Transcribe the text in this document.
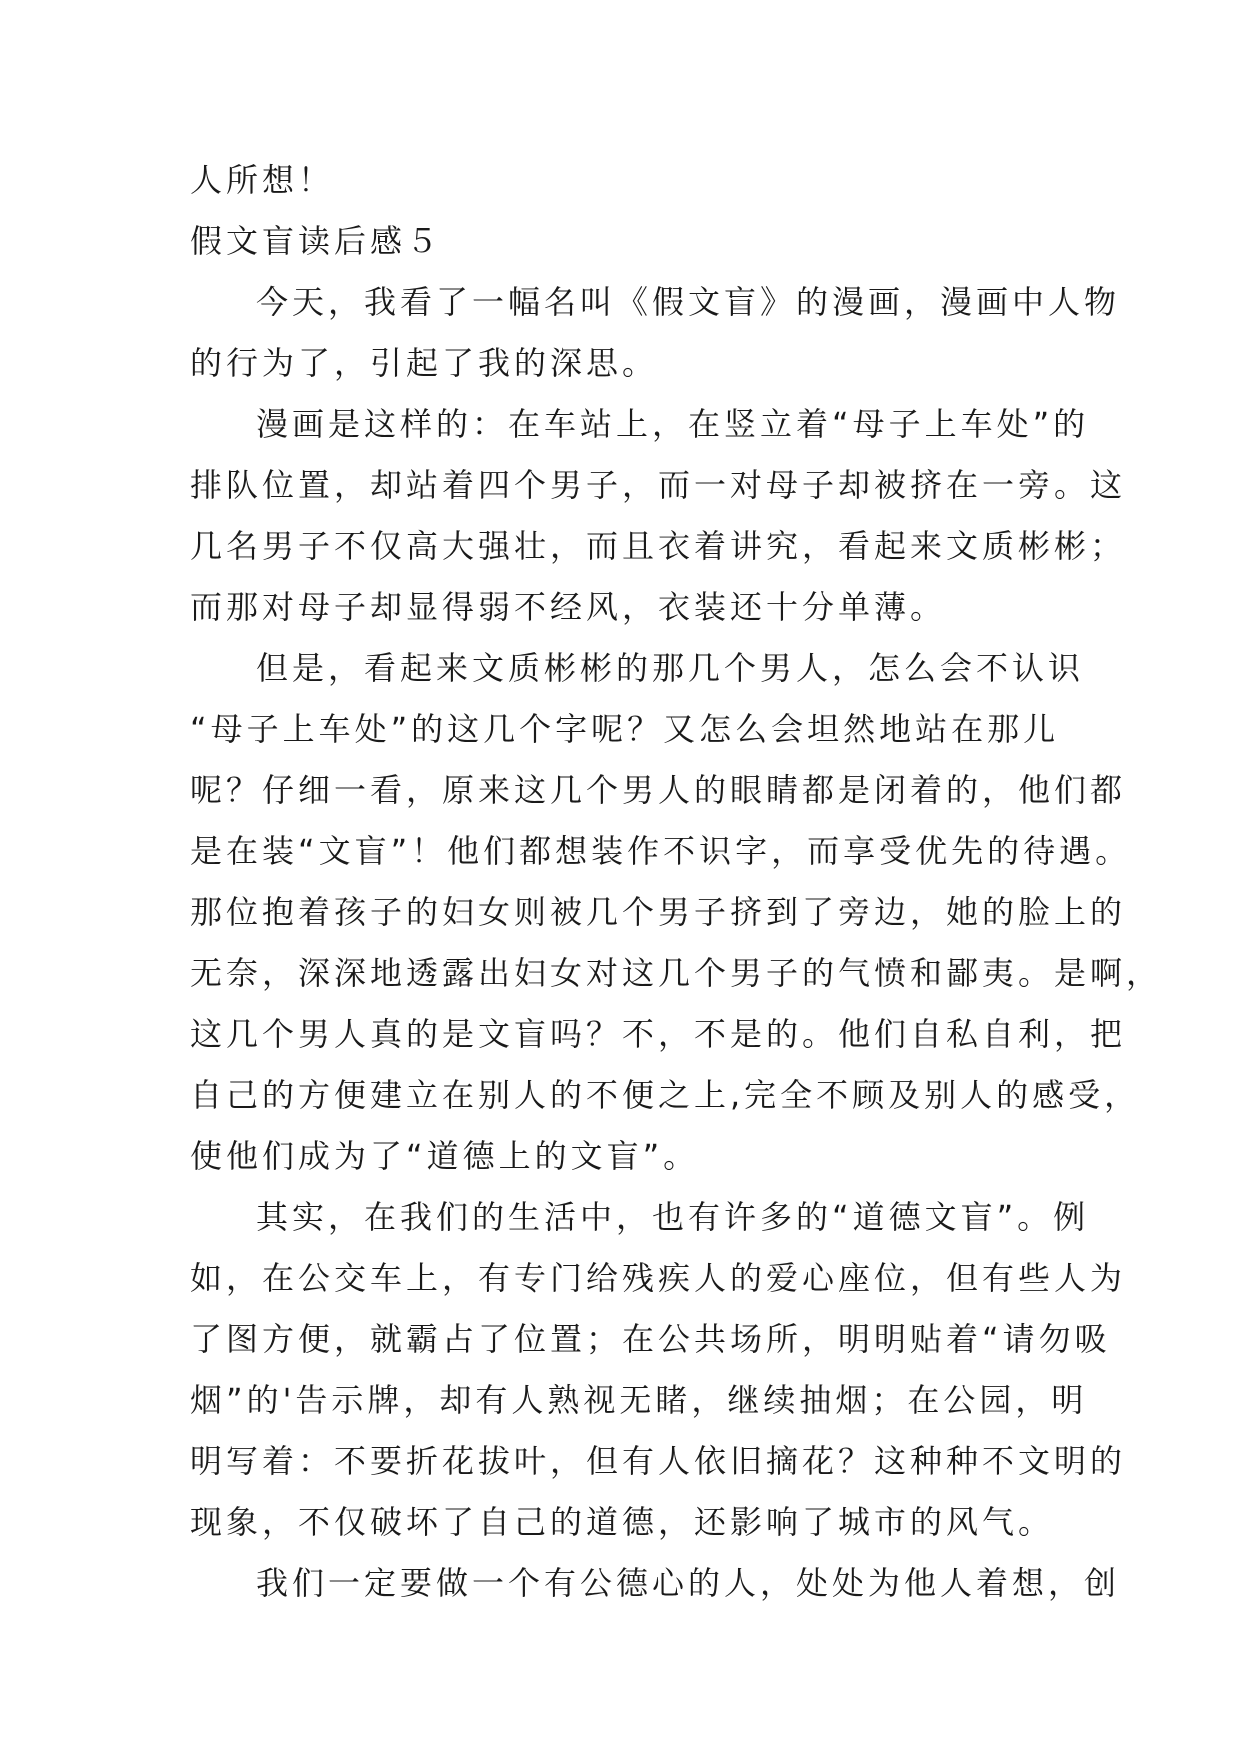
人所想！
假文盲读后感５
今天，我看了一幅名叫《假文盲》的漫画，漫画中人物
的行为了，引起了我的深思。
漫画是这样的：在车站上，在竖立着“母子上车处”的
排队位置，却站着四个男子，而一对母子却被挤在一旁。这
几名男子不仅高大强壮，而且衣着讲究，看起来文质彬彬；
而那对母子却显得弱不经风，衣装还十分单薄。
但是，看起来文质彬彬的那几个男人，怎么会不认识
“母子上车处”的这几个字呢？又怎么会坦然地站在那儿
呢？仔细一看，原来这几个男人的眼睛都是闭着的，他们都
是在装“文盲”！他们都想装作不识字，而享受优先的待遇。
那位抱着孩子的妇女则被几个男子挤到了旁边，她的脸上的
无奈，深深地透露出妇女对这几个男子的气愤和鄙夷。是啊，
这几个男人真的是文盲吗？不，不是的。他们自私自利，把
自己的方便建立在别人的不便之上,完全不顾及别人的感受，
使他们成为了“道德上的文盲”。
其实，在我们的生活中，也有许多的“道德文盲”。例
如，在公交车上，有专门给残疾人的爱心座位，但有些人为
了图方便，就霸占了位置；在公共场所，明明贴着“请勿吸
烟”的'告示牌，却有人熟视无睹，继续抽烟；在公园，明
明写着：不要折花拔叶，但有人依旧摘花？这种种不文明的
现象，不仅破坏了自己的道德，还影响了城市的风气。
我们一定要做一个有公德心的人，处处为他人着想，创
